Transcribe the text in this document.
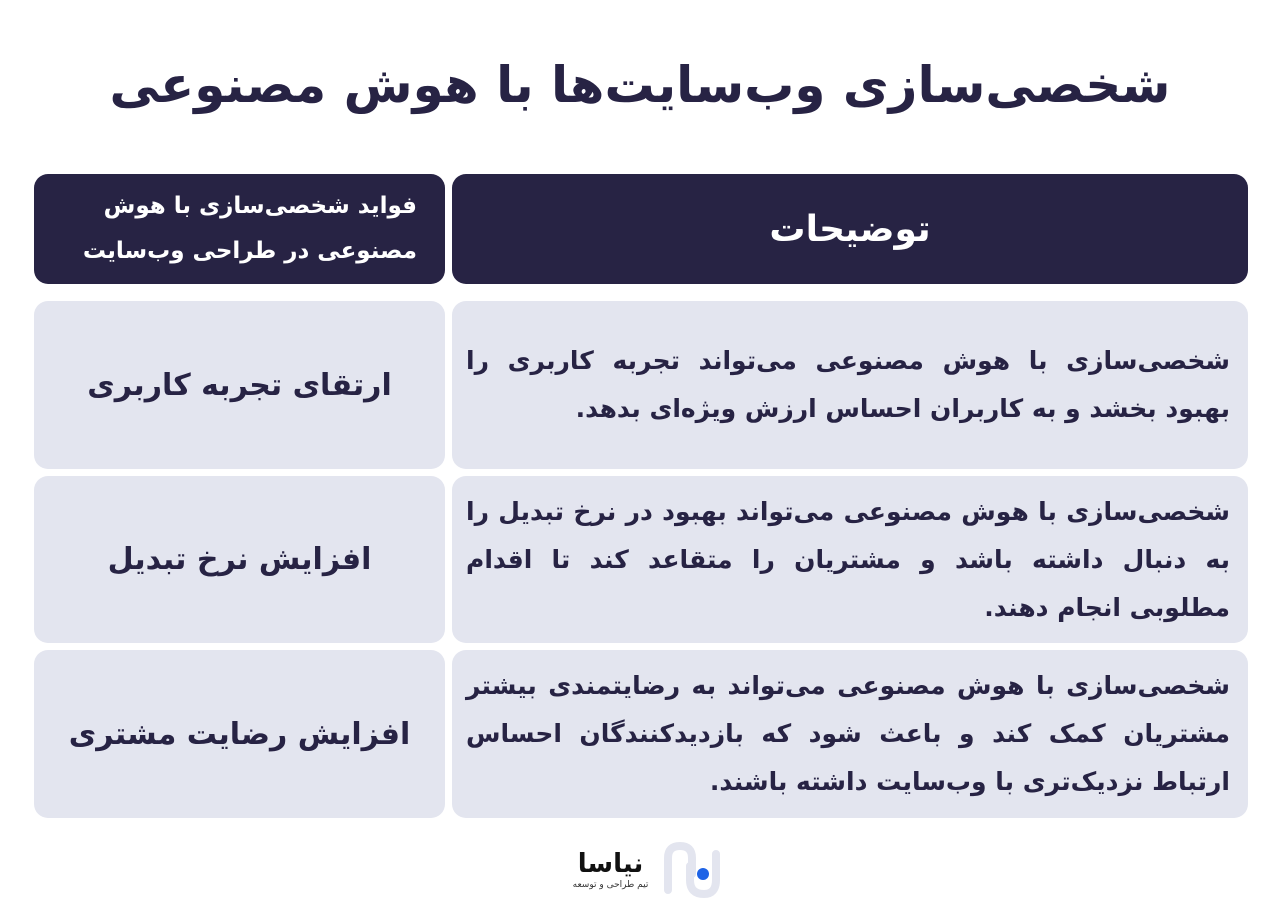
شخصی‌سازی وب‌سایت‌ها با هوش مصنوعی
فواید شخصی‌سازی با هوش مصنوعی در طراحی وب‌سایت
توضیحات
ارتقای تجربه کاربری
شخصی‌سازی با هوش مصنوعی می‌تواند تجربه کاربری را بهبود بخشد و به کاربران احساس ارزش ویژه‌ای بدهد.
افزایش نرخ تبدیل
شخصی‌سازی با هوش مصنوعی می‌تواند بهبود در نرخ تبدیل را به دنبال داشته باشد و مشتریان را متقاعد کند تا اقدام مطلوبی انجام دهند.
افزایش رضایت مشتری
شخصی‌سازی با هوش مصنوعی می‌تواند به رضایتمندی بیشتر مشتریان کمک کند و باعث شود که بازدیدکنندگان احساس ارتباط نزدیک‌تری با وب‌سایت داشته باشند.
نیاسا
تیم طراحی و توسعه
